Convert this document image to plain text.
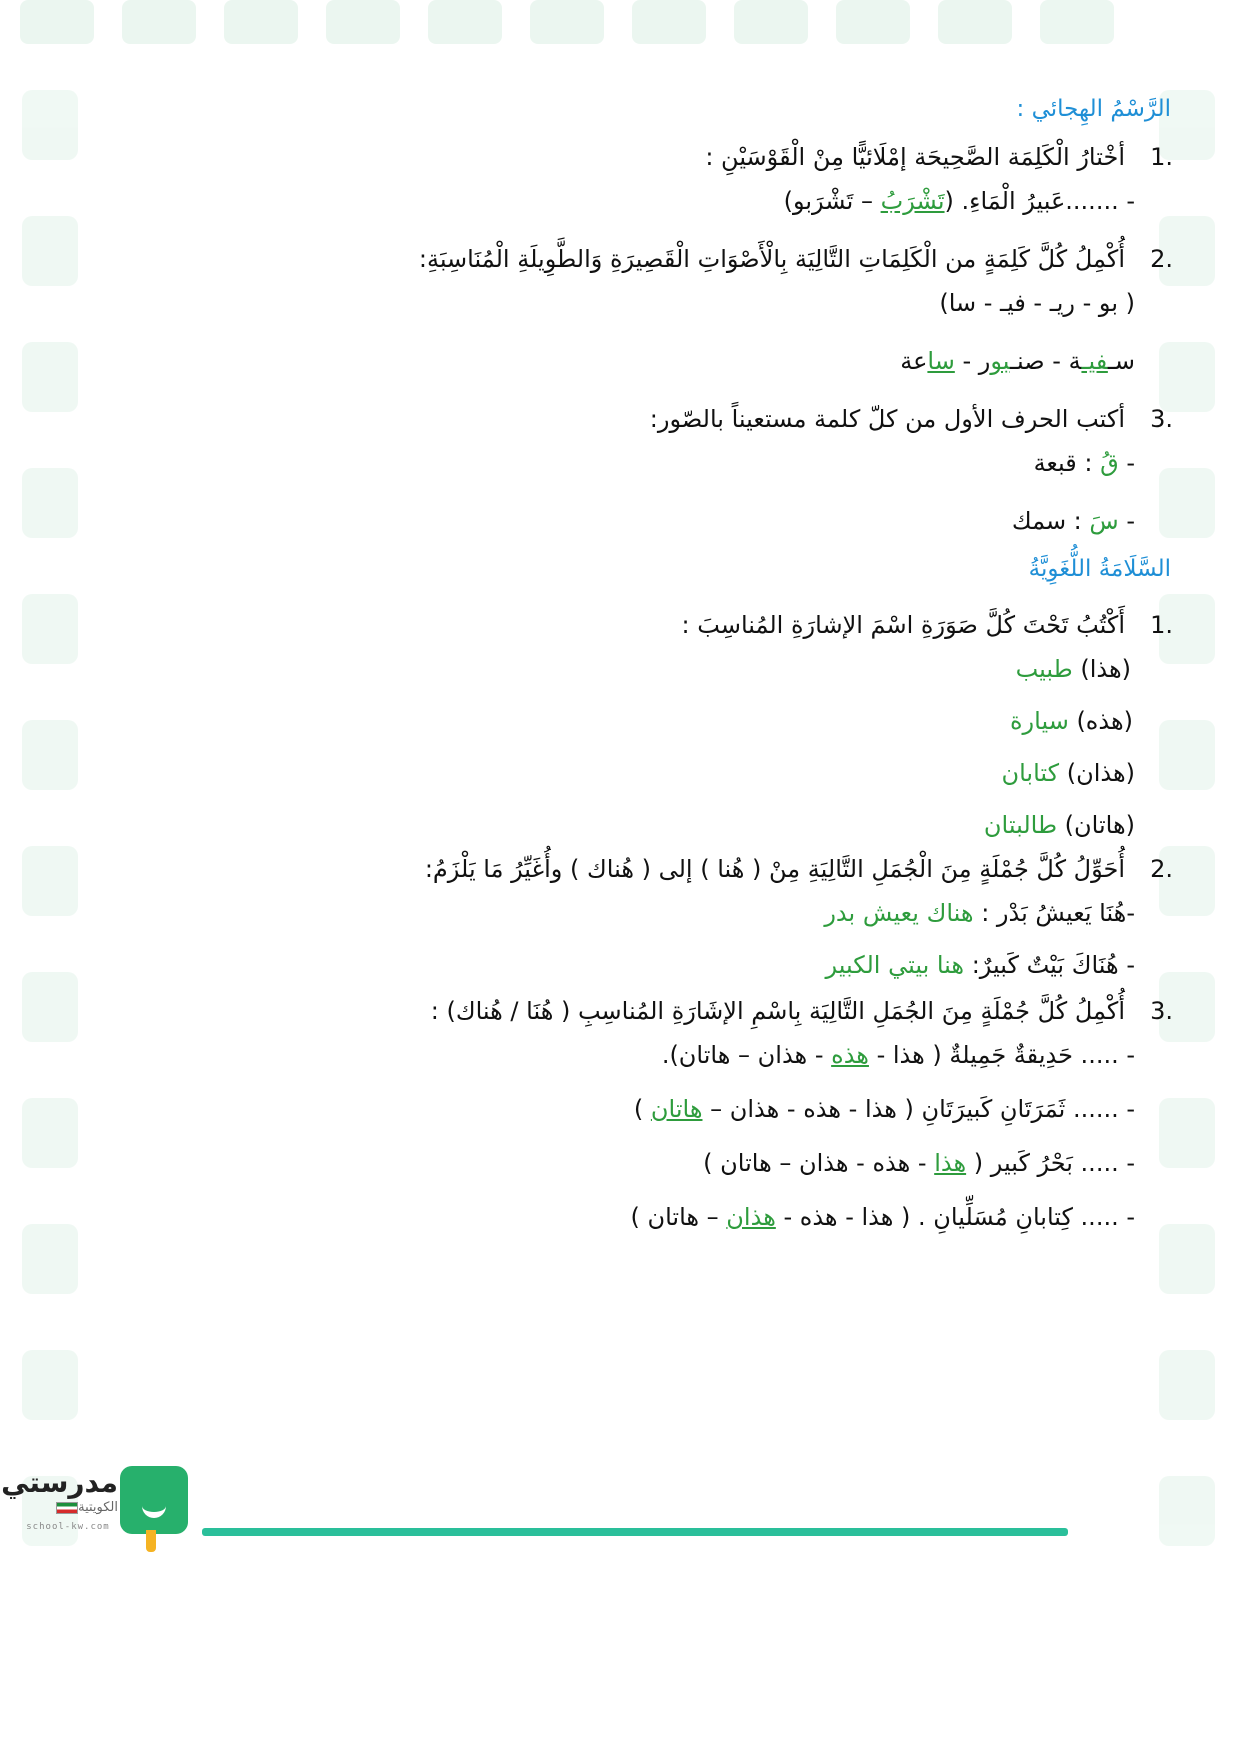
الرَّسْمُ الهِجائي :
1.
أخْتارُ الْكَلِمَة الصَّحِيحَة إمْلَائيًّا مِنْ الْقَوْسَيْنِ :
- .......عَبيرُ الْمَاءِ. (تَشْرَبُ – تَشْرَبو)
2.
أُكْمِلُ كُلَّ كَلِمَةٍ من الْكَلِمَاتِ التَّالِيَة بِالْأَصْوَاتِ الْقَصِيرَةِ وَالطَّوِيلَةِ الْمُنَاسِبَةِ:
( بو - ريـ - فيـ - سا)
سـفيـة - صنـبور - ساعة
3.
أكتب الحرف الأول من كلّ كلمة مستعيناً بالصّور:
- قُ : قبعة
- سَ : سمك
السَّلَامَةُ اللُّغَوِيَّةُ
1.
أَكْتُبُ تَحْتَ كُلَّ صَوَرَةِ اسْمَ الإشارَةِ المُناسِبَ :
(هذا) طبيب
(هذه) سيارة
(هذان) كتابان
(هاتان) طالبتان
2.
أُحَوِّلُ كُلَّ جُمْلَةٍ مِنَ الْجُمَلِ التَّالِيَةِ مِنْ ( هُنا ) إلى ( هُناك ) وأُغَيِّرُ مَا يَلْزَمُ:
-هُنَا يَعيشُ بَدْر : هناك يعيش بدر
- هُنَاكَ بَيْتٌ كَبيرٌ: هنا بيتي الكبير
3.
أُكْمِلُ كُلَّ جُمْلَةٍ مِنَ الجُمَلِ التَّالِيَة بِاسْمِ الإشَارَةِ المُناسِبِ ( هُنَا / هُناك) :
- ..... حَدِيقةٌ جَمِيلةٌ ( هذا - هذه - هذان – هاتان).
- ...... ثَمَرَتَانِ كَبيرَتَانِ ( هذا - هذه - هذان – هاتان )
- ..... بَحْرُ كَبير ( هذا - هذه - هذان – هاتان )
- ..... كِتابانِ مُسَلِّيانِ . ( هذا - هذه - هذان – هاتان )
مدرستي
الكويتية
school-kw.com
